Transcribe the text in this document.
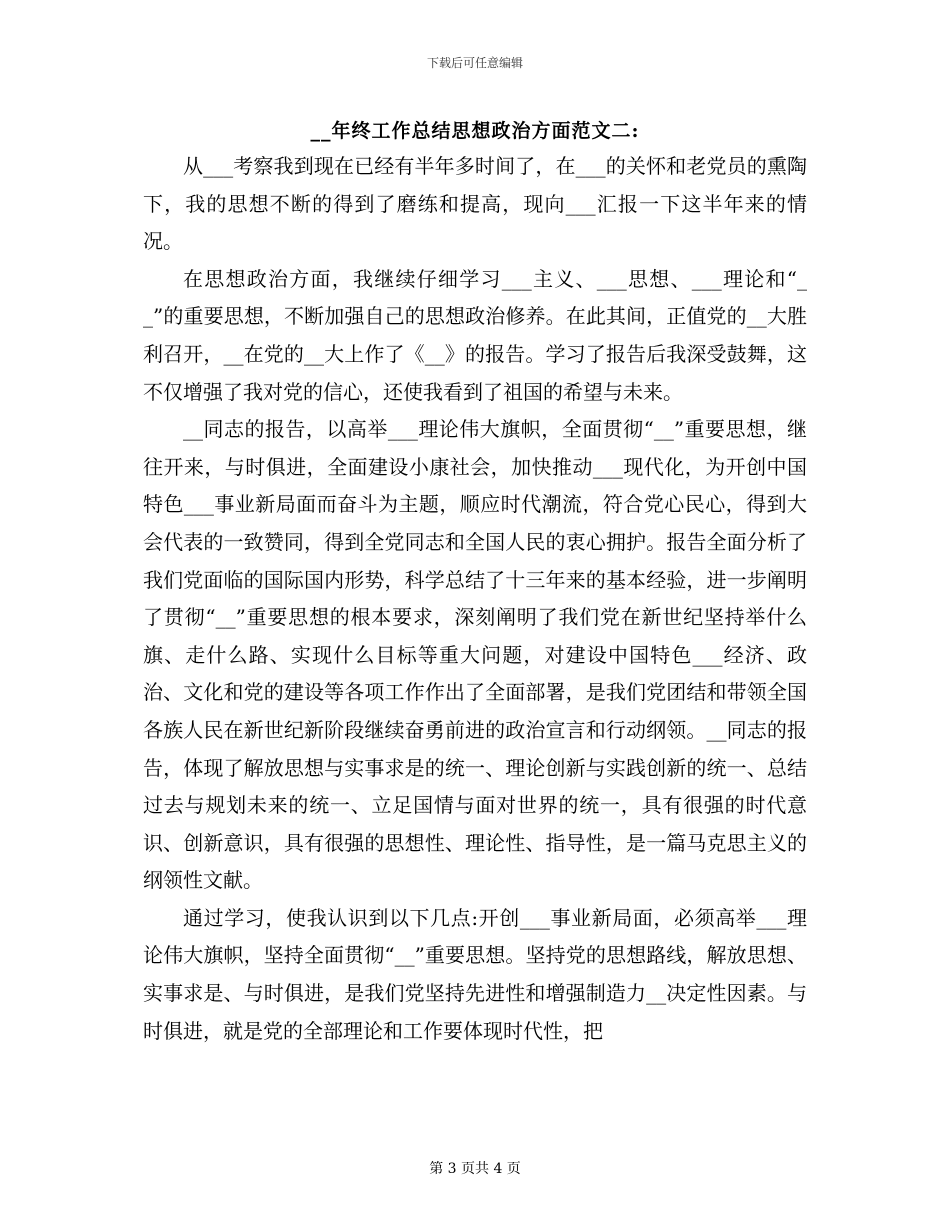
下载后可任意编辑
__年终工作总结思想政治方面范文二:

从___考察我到现在已经有半年多时间了，在___的关怀和老党员的熏陶下，我的思想不断的得到了磨练和提高，现向___汇报一下这半年来的情况。

在思想政治方面，我继续仔细学习___主义、___思想、___理论和“__”的重要思想，不断加强自己的思想政治修养。在此其间，正值党的__大胜利召开，__在党的__大上作了《__》的报告。学习了报告后我深受鼓舞，这不仅增强了我对党的信心，还使我看到了祖国的希望与未来。

__同志的报告，以高举___理论伟大旗帜，全面贯彻“__”重要思想，继往开来，与时俱进，全面建设小康社会，加快推动___现代化，为开创中国特色___事业新局面而奋斗为主题，顺应时代潮流，符合党心民心，得到大会代表的一致赞同，得到全党同志和全国人民的衷心拥护。报告全面分析了我们党面临的国际国内形势，科学总结了十三年来的基本经验，进一步阐明了贯彻“__”重要思想的根本要求，深刻阐明了我们党在新世纪坚持举什么旗、走什么路、实现什么目标等重大问题，对建设中国特色___经济、政治、文化和党的建设等各项工作作出了全面部署，是我们党团结和带领全国各族人民在新世纪新阶段继续奋勇前进的政治宣言和行动纲领。__同志的报告，体现了解放思想与实事求是的统一、理论创新与实践创新的统一、总结过去与规划未来的统一、立足国情与面对世界的统一，具有很强的时代意识、创新意识，具有很强的思想性、理论性、指导性，是一篇马克思主义的纲领性文献。

通过学习，使我认识到以下几点:开创___事业新局面，必须高举___理论伟大旗帜，坚持全面贯彻“__”重要思想。坚持党的思想路线，解放思想、实事求是、与时俱进，是我们党坚持先进性和增强制造力__决定性因素。与时俱进，就是党的全部理论和工作要体现时代性，把

第 3 页共 4 页
